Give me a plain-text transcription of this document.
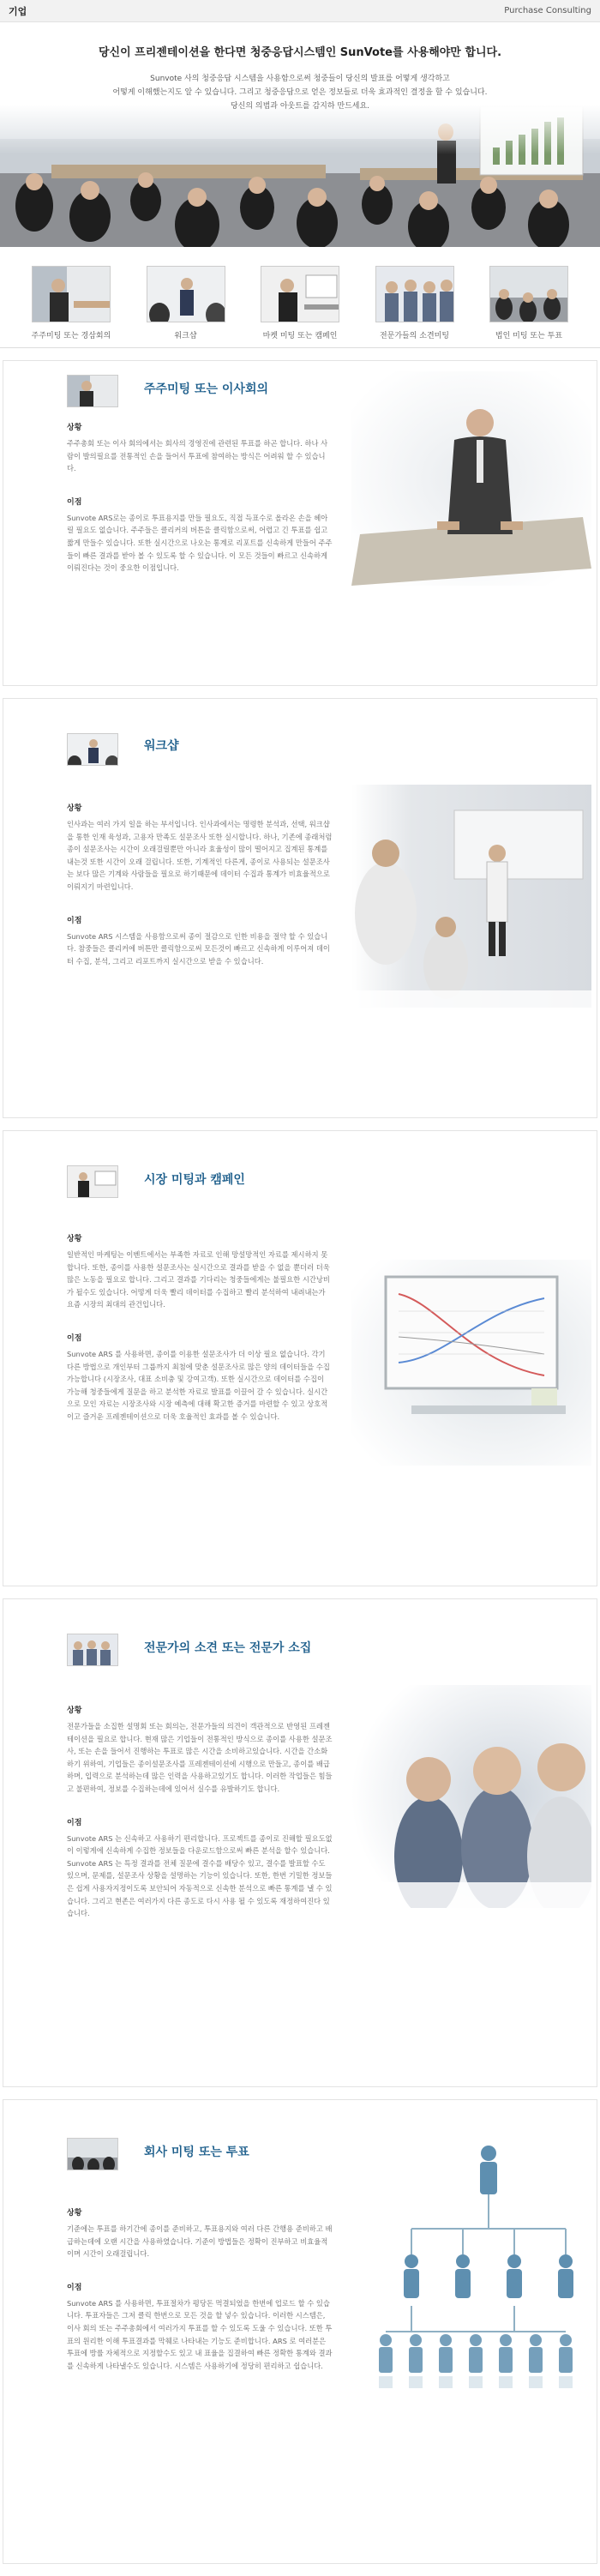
기업	Purchase Consulting
당신이 프리젠테이션을 한다면 청중응답시스템인 SunVote를 사용해야만 합니다.
Sunvote 사의 청중응답 시스템을 사용함으로써 청중들이 당신의 발표를 어떻게 생각하고
어떻게 이해했는지도 알 수 있습니다. 그리고 청중응답으로 얻은 정보들로 더욱 효과적인 결정을 할 수 있습니다.
당신의 의범과 아웃트를 감지하 만드세요.
주주미팅 또는 경삼회의	워크샵	마켓 미팅 또는 캠페인	전문가들의 소견미팅	법인 미팅 또는 투표
주주미팅 또는 이사회의
상황
주주총회 또는 이사 회의에서는 회사의 경영진에 관련된 투표를 하곤 합니다. 하나 사람이 발의필요를 전통적인 손을 들어서 투표에 참여하는 방식은 어려워 할 수 있습니다.
이점
Sunvote ARS로는 종이로 투표용지를 만들 필요도, 직접 득표수로 올라온 손을 헤아릴 필요도 없습니다. 주주들은 클리커의 버튼을 클릭함으로써, 어렵고 긴 투표를 쉽고 짧게 만들수 있습니다. 또한 실시간으로 나오는 통계로 리포트를 신속하게 만들어 주주들이 빠른 결과를 받아 볼 수 있도록 할 수 있습니다. 이 모든 것들이 빠르고 신속하게 이뤄진다는 것이 중요한 이점입니다.
워크샵
상황
인사과는 여러 가지 일을 하는 부서입니다. 인사과에서는 명령한 분석과, 선택, 워크샵을 통한 인재 육성과, 고용자 만족도 설문조사 또한 실시합니다. 하나, 기존에 종래처럼 종이 설문조사는 시간이 오래걸릴뿐만 아니라 효율성이 많이 떨어지고 집계된 통계를 내는것 또한 시간이 오래 걸립니다. 또한, 기계적인 다른게, 종이로 사용되는 설문조사는 보다 많은 기계와 사람들을 필요로 하기때문에 데이터 수집과 통계가 비효율적으로 이뤄지기 마련입니다.
이점
Sunvote ARS 시스템을 사용함으로써 종이 절감으로 인한 비용을 절약 할 수 있습니다. 참중들은 클리커에 버튼만 클릭함으로써 모든것이 빠르고 신속하게 이루어져 데이터 수집, 분석, 그리고 리포트까지 실시간으로 받을 수 있습니다.
시장 미팅과 캠페인
상황
일반적인 마케팅는 이벤트에서는 부족한 자료로 인해 망설망적인 자료를 제시하지 못합니다. 또한, 종이를 사용한 설문조사는 실시간으로 결과를 받을 수 없을 뿐더러 더욱 많은 노동을 필요로 합니다. 그리고 결과를 기다리는 청중들에게는 불필요한 시간낭비가 될수도 있습니다. 어떻게 더욱 빨리 데이터를 수집하고 빨리 분석하여 내려내는가 요즘 시장의 최대의 관건입니다.
이점
Sunvote ARS 를 사용하면, 종이를 이용한 설문조사가 더 이상 필요 없습니다. 각기 다른 방법으로 개인부터 그룹까지 최첨에 맞춘 설문조사로 많은 양의 데이터들을 수집 가능합니다 (시장조사, 대표 소비충 및 강여고객). 또한 실시간으로 데이터를 수집이 가능해 청중들에게 질문을 하고 분석한 자료로 발표를 이끌어 갈 수 있습니다. 실시간으로 모인 자료는 시장조사와 시장 예측에 대해 확고한 증거를 마련할 수 있고 상호적이고 즐거운 프레젠테이션으로 더욱 호율적인 효과를 볼 수 있습니다.
전문가의 소견 또는 전문가 소집
상황
전문가들을 소집한 설명회 또는 회의는, 전문가들의 의견이 객관적으로 반영된 프레젠테이션을 필요로 합니다. 현재 많은 기업들이 전통적인 방식으로 종이를 사용한 설문조사, 또는 손을 들어서 진행하는 투표로 많은 시간을 소비하고있습니다. 시간을 간소화하기 위하여, 기업들은 종이설문조사를 프레젠테이션에 시행으로 만들고, 종이를 배급하며, 입력으로 분석하는데 많은 인력을 사용하고있기도 합니다. 이러한 작업들은 힘들고 불편하여, 정보를 수집하는데에 있어서 실수를 유발하기도 합니다.
이점
Sunvote ARS 는 신속하고 사용하기 편리합니다. 프로젝트를 종이로 진해할 필요도없이 이렇게에 신속하게 수집한 정보들을 다운로드함으로써 빠른 분석을 할수 있습니다. Sunvote ARS 는 특정 결과를 전체 질문에 결수를 배당수 있고, 결수를 발표할 수도 있으며, 문제를, 설문조사 상황을 설명하는 기능이 있습니다. 또한, 한번 기밀한 정보들은 쉽게 사용자지정이도록 보안되어 자동적으로 신속한 분석으로 빠른 통계를 낼 수 있습니다. 그리고 현존은 여러가지 다른 종도로 다시 사용 될 수 있도록 재정하여진다 있습니다.
회사 미팅 또는 투표
상황
기준에는 투표를 하기간에 종이를 준비하고, 투표용지와 여러 다른 간행용 준비하고 배급하는데에 오랜 시간을 사용하였습니다. 기준이 방법들은 정확이 진부하고 비효율적이며 시간이 오래걸립니다.
이점
Sunvote ARS 를 사용하면, 투표절차가 평당돈 먹결되었을 한번에 업로드 할 수 있습니다. 투표자들은 그저 클릭 한번으로 모든 것을 할 넣수 있습니다. 이러한 시스템은, 이사 회의 또는 주주총회에서 여러가지 투표를 할 수 있도록 도울 수 있습니다. 또한 투표의 원리한 이해 투표결과를 막췌로 나타내는 기능도 준비합니다. ARS 로 여러분은 투표에 방률 자체적으로 지정할수도 있고 내 표율을 집결하여 빠른 정확한 통계와 결과를 신속하게 나타낼수도 있습니다. 시스템은 사용하기에 정당히 편리하고 쉽습니다.
